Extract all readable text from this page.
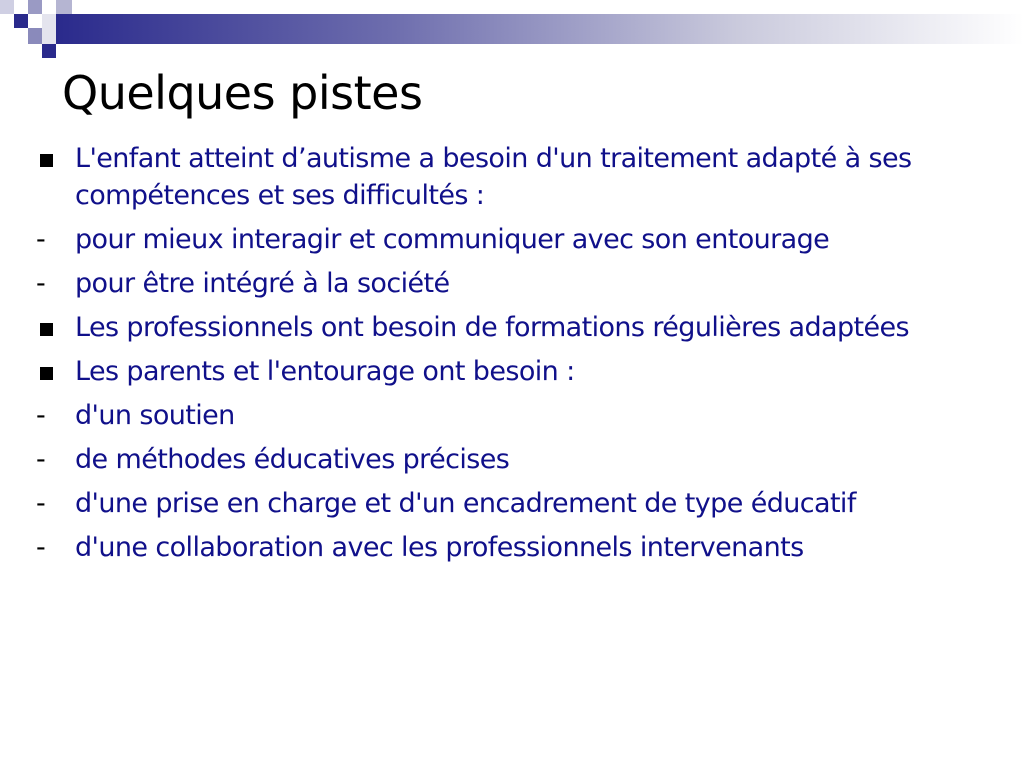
Quelques pistes
L'enfant atteint d’autisme a besoin d'un traitement adapté à ses compétences et ses difficultés :
-	pour mieux interagir et communiquer avec son entourage
-	pour être intégré à la société
Les professionnels ont besoin de formations régulières adaptées
Les parents et l'entourage ont besoin :
-	d'un soutien
-	de méthodes éducatives précises
-	d'une prise en charge et d'un encadrement de type éducatif
-	d'une collaboration avec les professionnels intervenants
